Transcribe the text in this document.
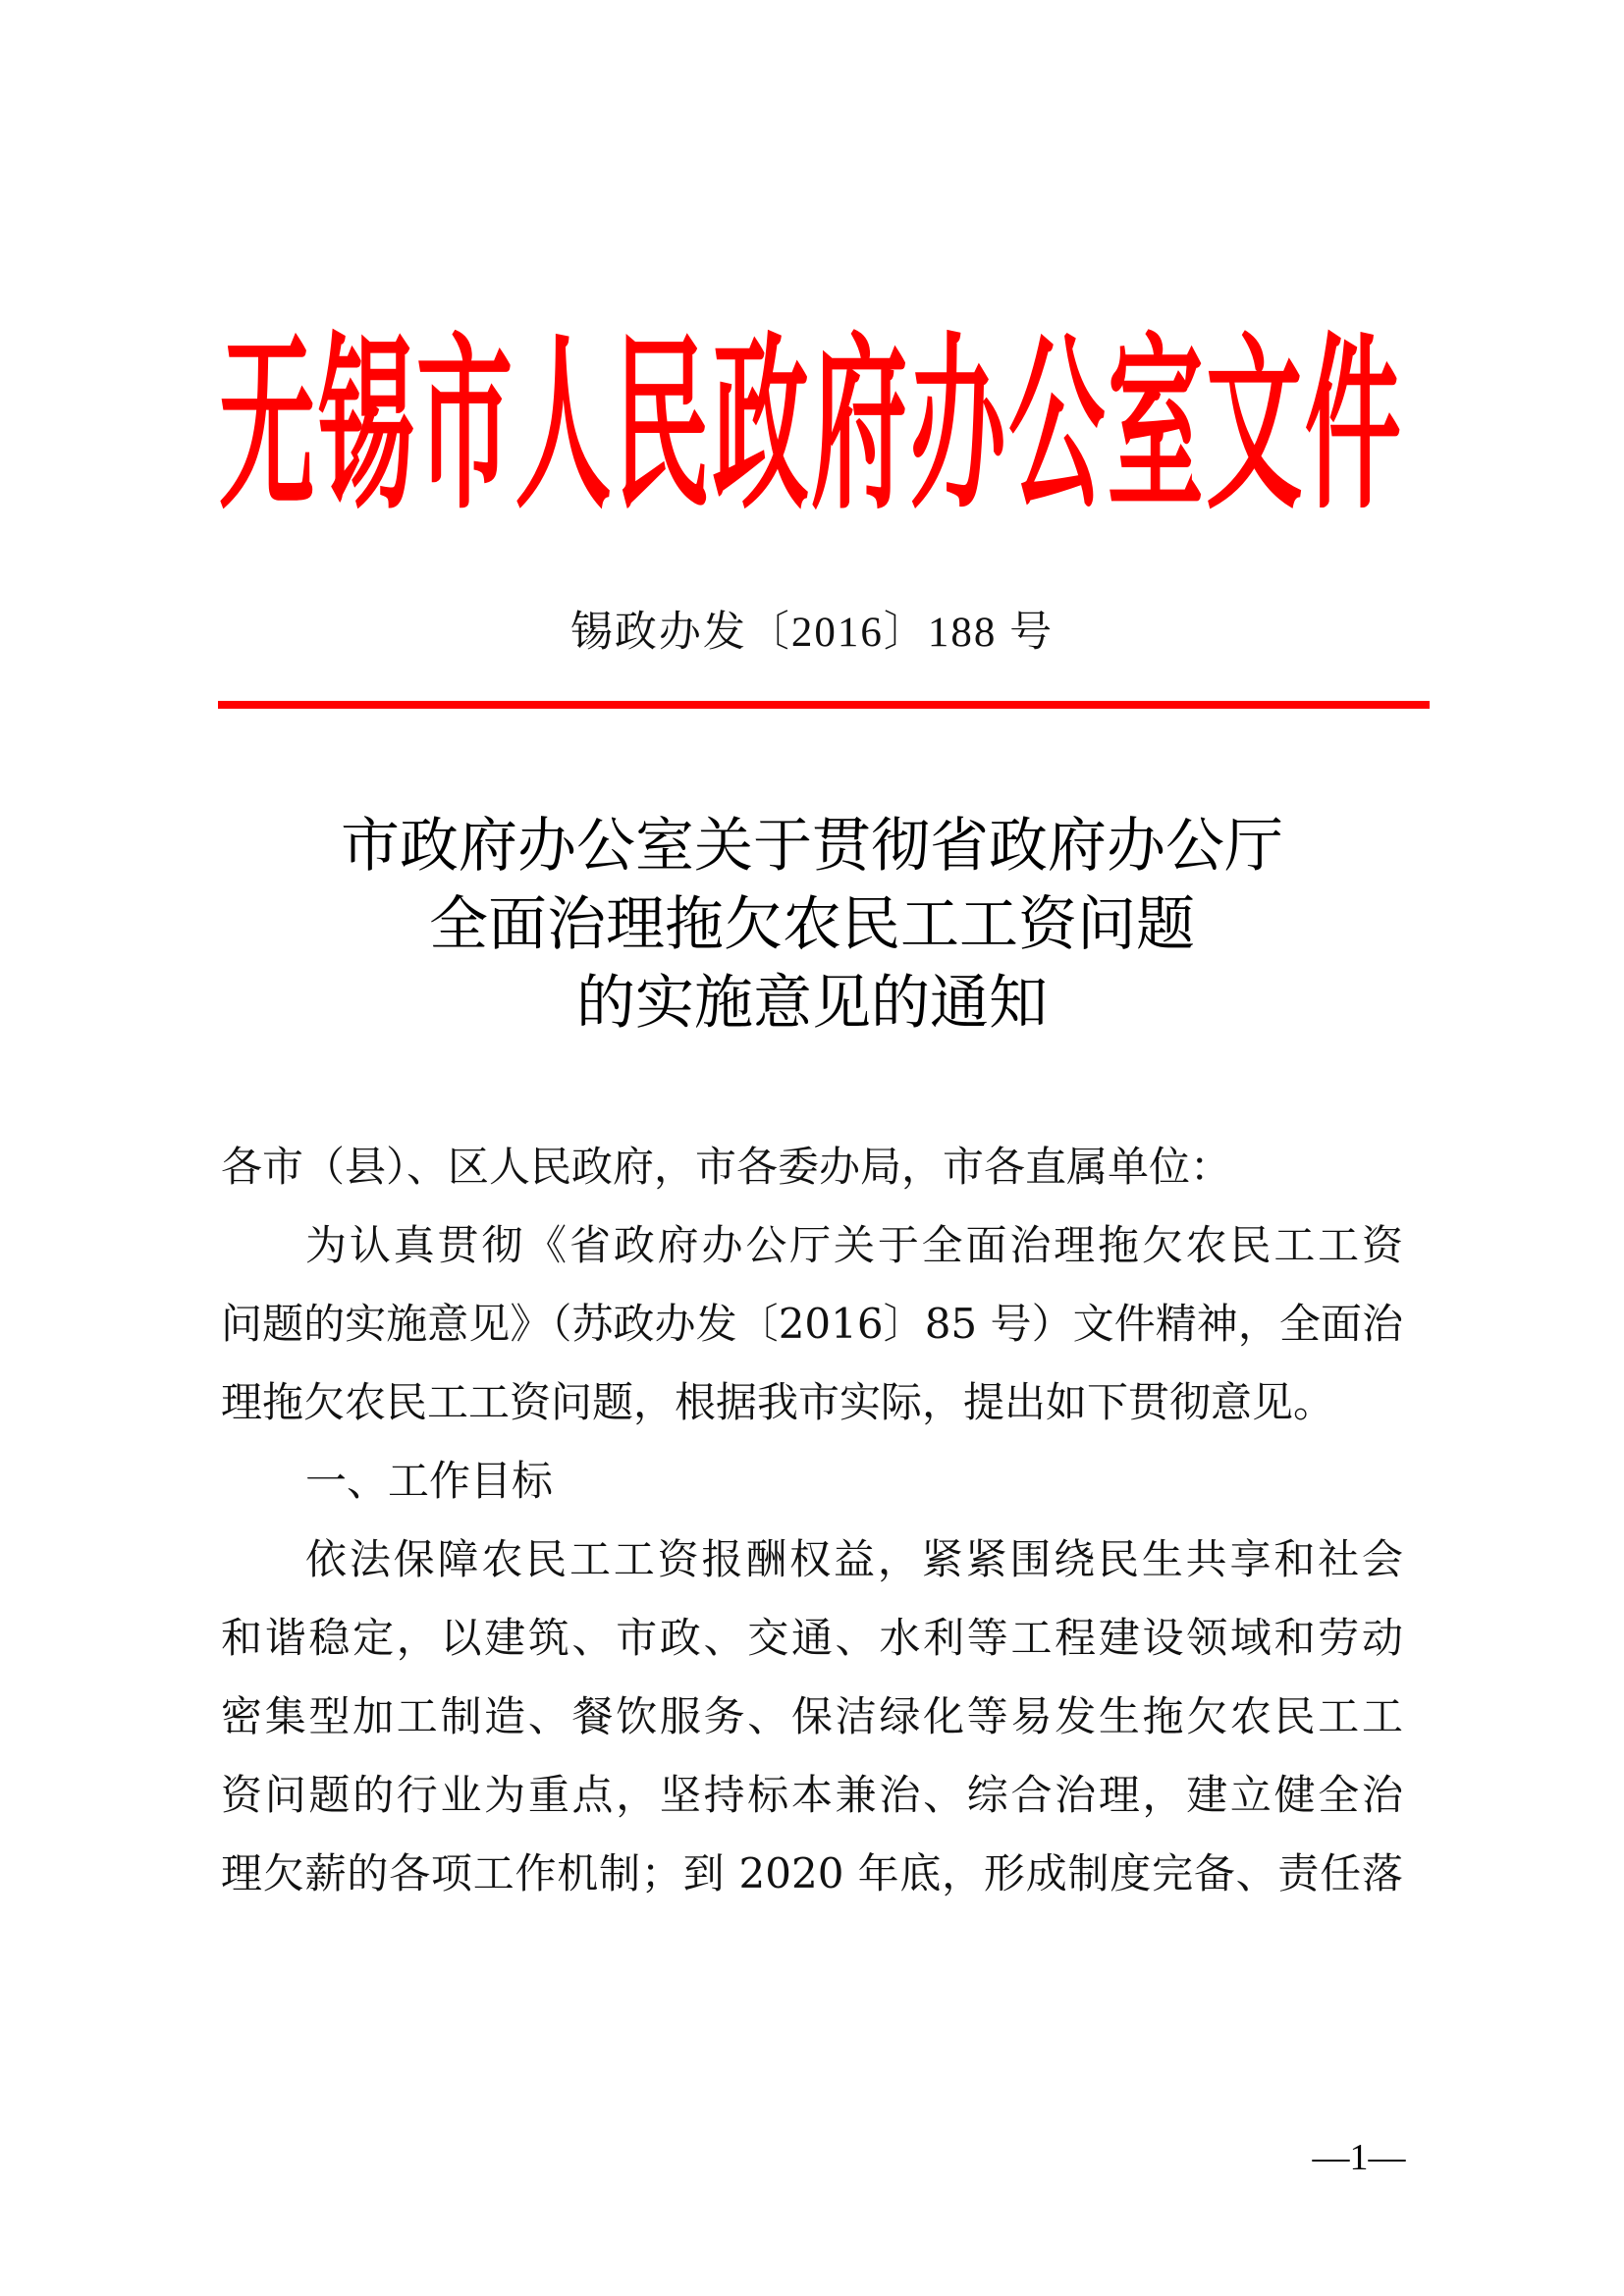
无 锡 市 人 民 政 府 办 公 室 文 件
锡政办发〔2016〕188 号
市政府办公室关于贯彻省政府办公厅
全面治理拖欠农民工工资问题
的实施意见的通知
各市（县）、区人民政府，市各委办局，市各直属单位：
为认真贯彻《省政府办公厅关于全面治理拖欠农民工工资
问题的实施意见》（苏政办发〔2016〕85 号）文件精神，全面治
理拖欠农民工工资问题，根据我市实际，提出如下贯彻意见。
一、工作目标
依法保障农民工工资报酬权益，紧紧围绕民生共享和社会
和谐稳定，以建筑、市政、交通、水利等工程建设领域和劳动
密集型加工制造、餐饮服务、保洁绿化等易发生拖欠农民工工
资问题的行业为重点，坚持标本兼治、综合治理，建立健全治
理欠薪的各项工作机制；到 2020 年底，形成制度完备、责任落
—1—
